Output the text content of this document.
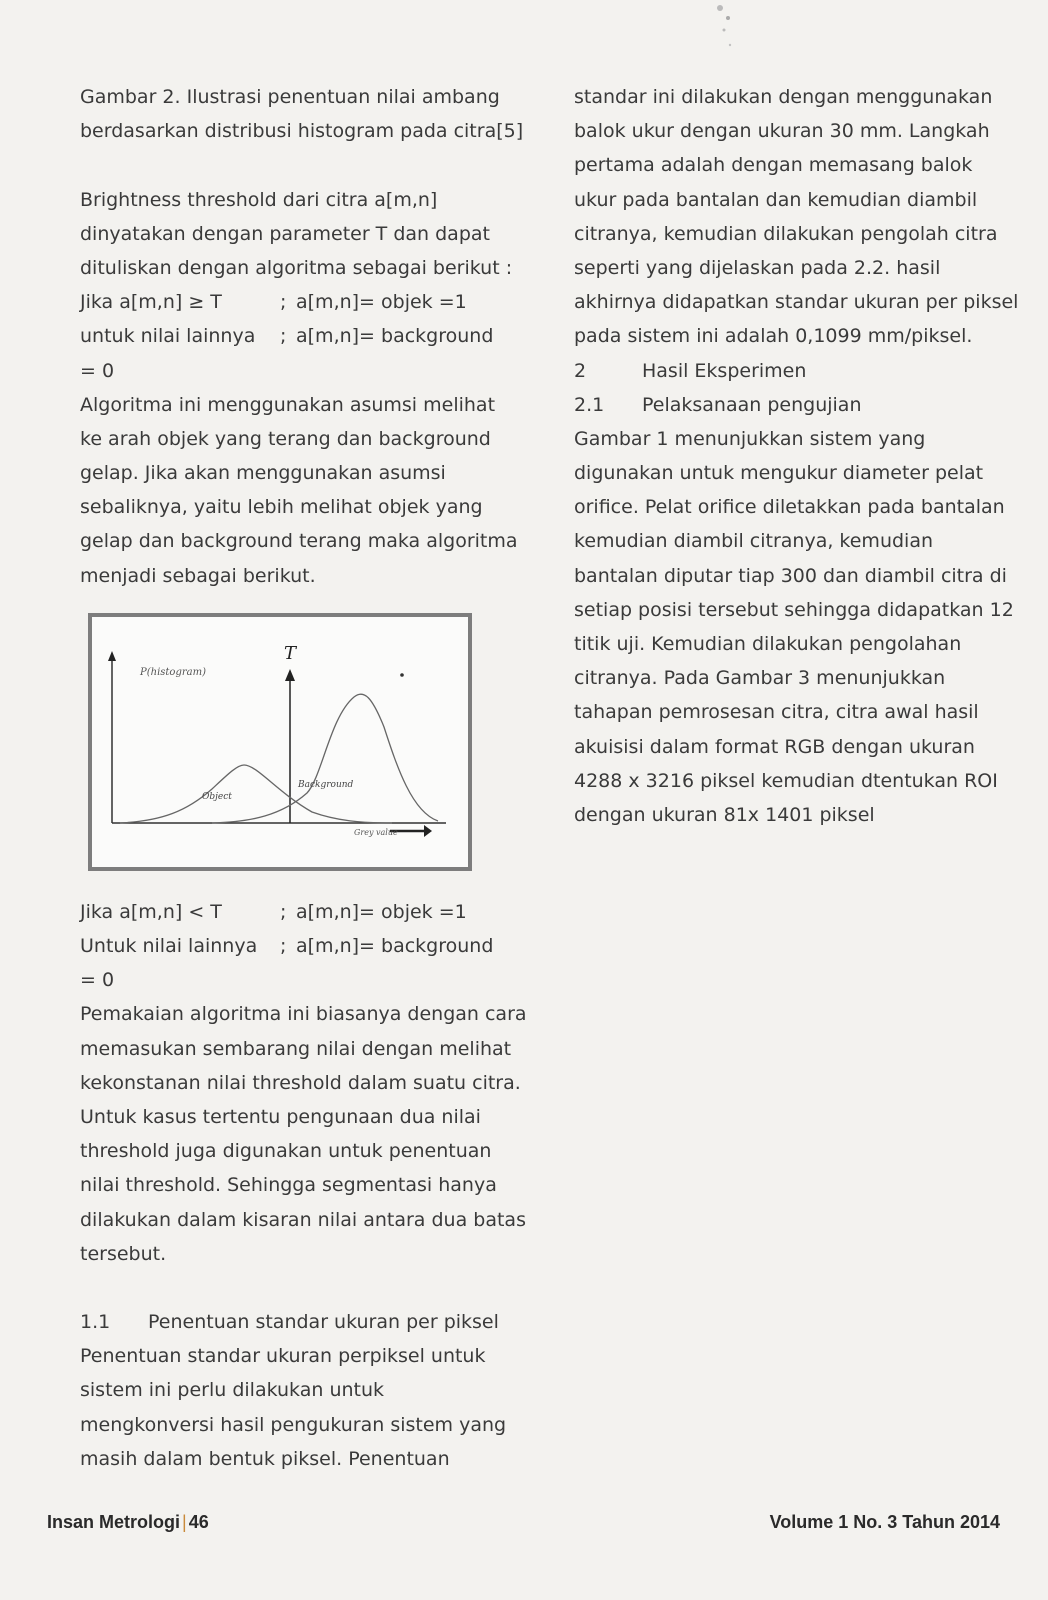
Gambar 2. Ilustrasi penentuan nilai ambang
berdasarkan distribusi histogram pada citra[5]
Brightness threshold dari citra a[m,n]
dinyatakan dengan parameter T dan dapat
dituliskan dengan algoritma sebagai berikut :
Jika a[m,n] ≥ T	; a[m,n]= objek =1
untuk nilai lainnya ; a[m,n]= background
= 0
Algoritma ini menggunakan asumsi melihat
ke arah objek yang terang dan background
gelap. Jika akan menggunakan asumsi
sebaliknya, yaitu lebih melihat objek yang
gelap dan background terang maka algoritma
menjadi sebagai berikut.
P(histogram)
Grey value
T
Object
Background
Jika a[m,n] < T	; a[m,n]= objek =1
Untuk nilai lainnya ; a[m,n]= background
= 0
Pemakaian algoritma ini biasanya dengan cara
memasukan sembarang nilai dengan melihat
kekonstanan nilai threshold dalam suatu citra.
Untuk kasus tertentu pengunaan dua nilai
threshold juga digunakan untuk penentuan
nilai threshold. Sehingga segmentasi hanya
dilakukan dalam kisaran nilai antara dua batas
tersebut.
1.1 Penentuan standar ukuran per piksel
Penentuan standar ukuran perpiksel untuk
sistem ini perlu dilakukan untuk
mengkonversi hasil pengukuran sistem yang
masih dalam bentuk piksel. Penentuan
standar ini dilakukan dengan menggunakan
balok ukur dengan ukuran 30 mm. Langkah
pertama adalah dengan memasang balok
ukur pada bantalan dan kemudian diambil
citranya, kemudian dilakukan pengolah citra
seperti yang dijelaskan pada 2.2. hasil
akhirnya didapatkan standar ukuran per piksel
pada sistem ini adalah 0,1099 mm/piksel.
2	Hasil Eksperimen
2.1 Pelaksanaan pengujian
Gambar 1 menunjukkan sistem yang
digunakan untuk mengukur diameter pelat
orifice. Pelat orifice diletakkan pada bantalan
kemudian diambil citranya, kemudian
bantalan diputar tiap 300 dan diambil citra di
setiap posisi tersebut sehingga didapatkan 12
titik uji. Kemudian dilakukan pengolahan
citranya. Pada Gambar 3 menunjukkan
tahapan pemrosesan citra, citra awal hasil
akuisisi dalam format RGB dengan ukuran
4288 x 3216 piksel kemudian dtentukan ROI
dengan ukuran 81x 1401 piksel
Insan Metrologi | 46	Volume 1 No. 3 Tahun 2014
